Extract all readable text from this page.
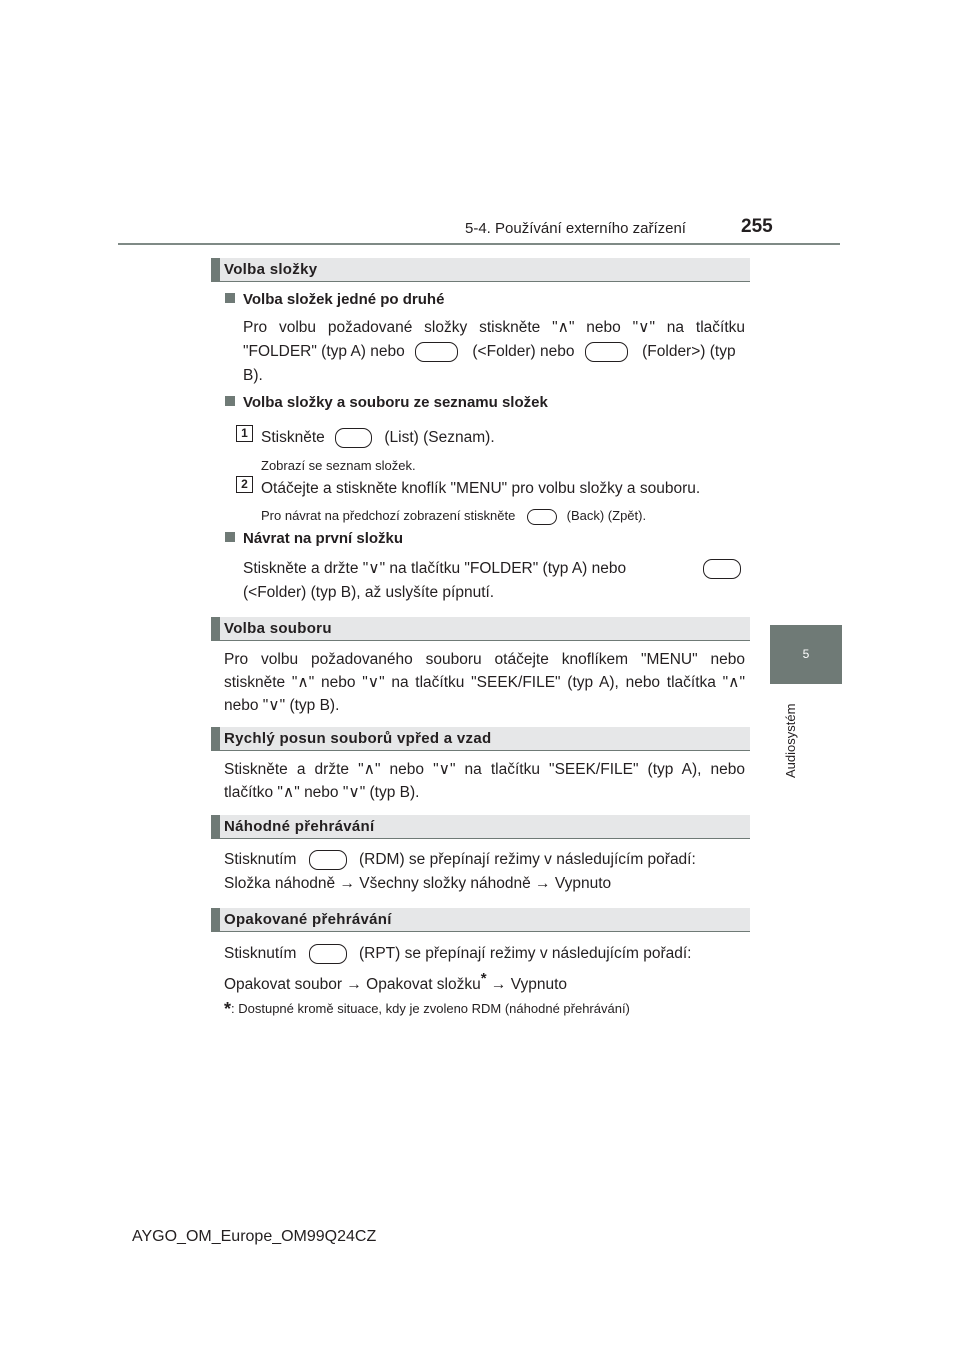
5-4. Používání externího zařízení	255
5
Audiosystém
Volba složky
Volba složek jedné po druhé
Pro volbu požadované složky stiskněte "∧" nebo "∨" na tlačítku
"FOLDER" (typ A) nebo	(<Folder) nebo	(Folder>) (typ
B).
Volba složky a souboru ze seznamu složek
1 Stiskněte	(List) (Seznam).
Zobrazí se seznam složek.
2 Otáčejte a stiskněte knoflík "MENU" pro volbu složky a souboru.
Pro návrat na předchozí zobrazení stiskněte	(Back) (Zpět).
Návrat na první složku
Stiskněte a držte "∨" na tlačítku "FOLDER" (typ A) nebo
(<Folder) (typ B), až uslyšíte pípnutí.
Volba souboru
Pro volbu požadovaného souboru otáčejte knoflíkem "MENU" nebo stiskněte "∧" nebo "∨" na tlačítku "SEEK/FILE" (typ A), nebo tlačítka "∧" nebo "∨" (typ B).
Rychlý posun souborů vpřed a vzad
Stiskněte a držte "∧" nebo "∨" na tlačítku "SEEK/FILE" (typ A), nebo tlačítko "∧" nebo "∨" (typ B).
Náhodné přehrávání
Stisknutím	(RDM) se přepínají režimy v následujícím pořadí:
Složka náhodně → Všechny složky náhodně → Vypnuto
Opakované přehrávání
Stisknutím	(RPT) se přepínají režimy v následujícím pořadí:
Opakovat soubor → Opakovat složku* → Vypnuto
*: Dostupné kromě situace, kdy je zvoleno RDM (náhodné přehrávání)
AYGO_OM_Europe_OM99Q24CZ
